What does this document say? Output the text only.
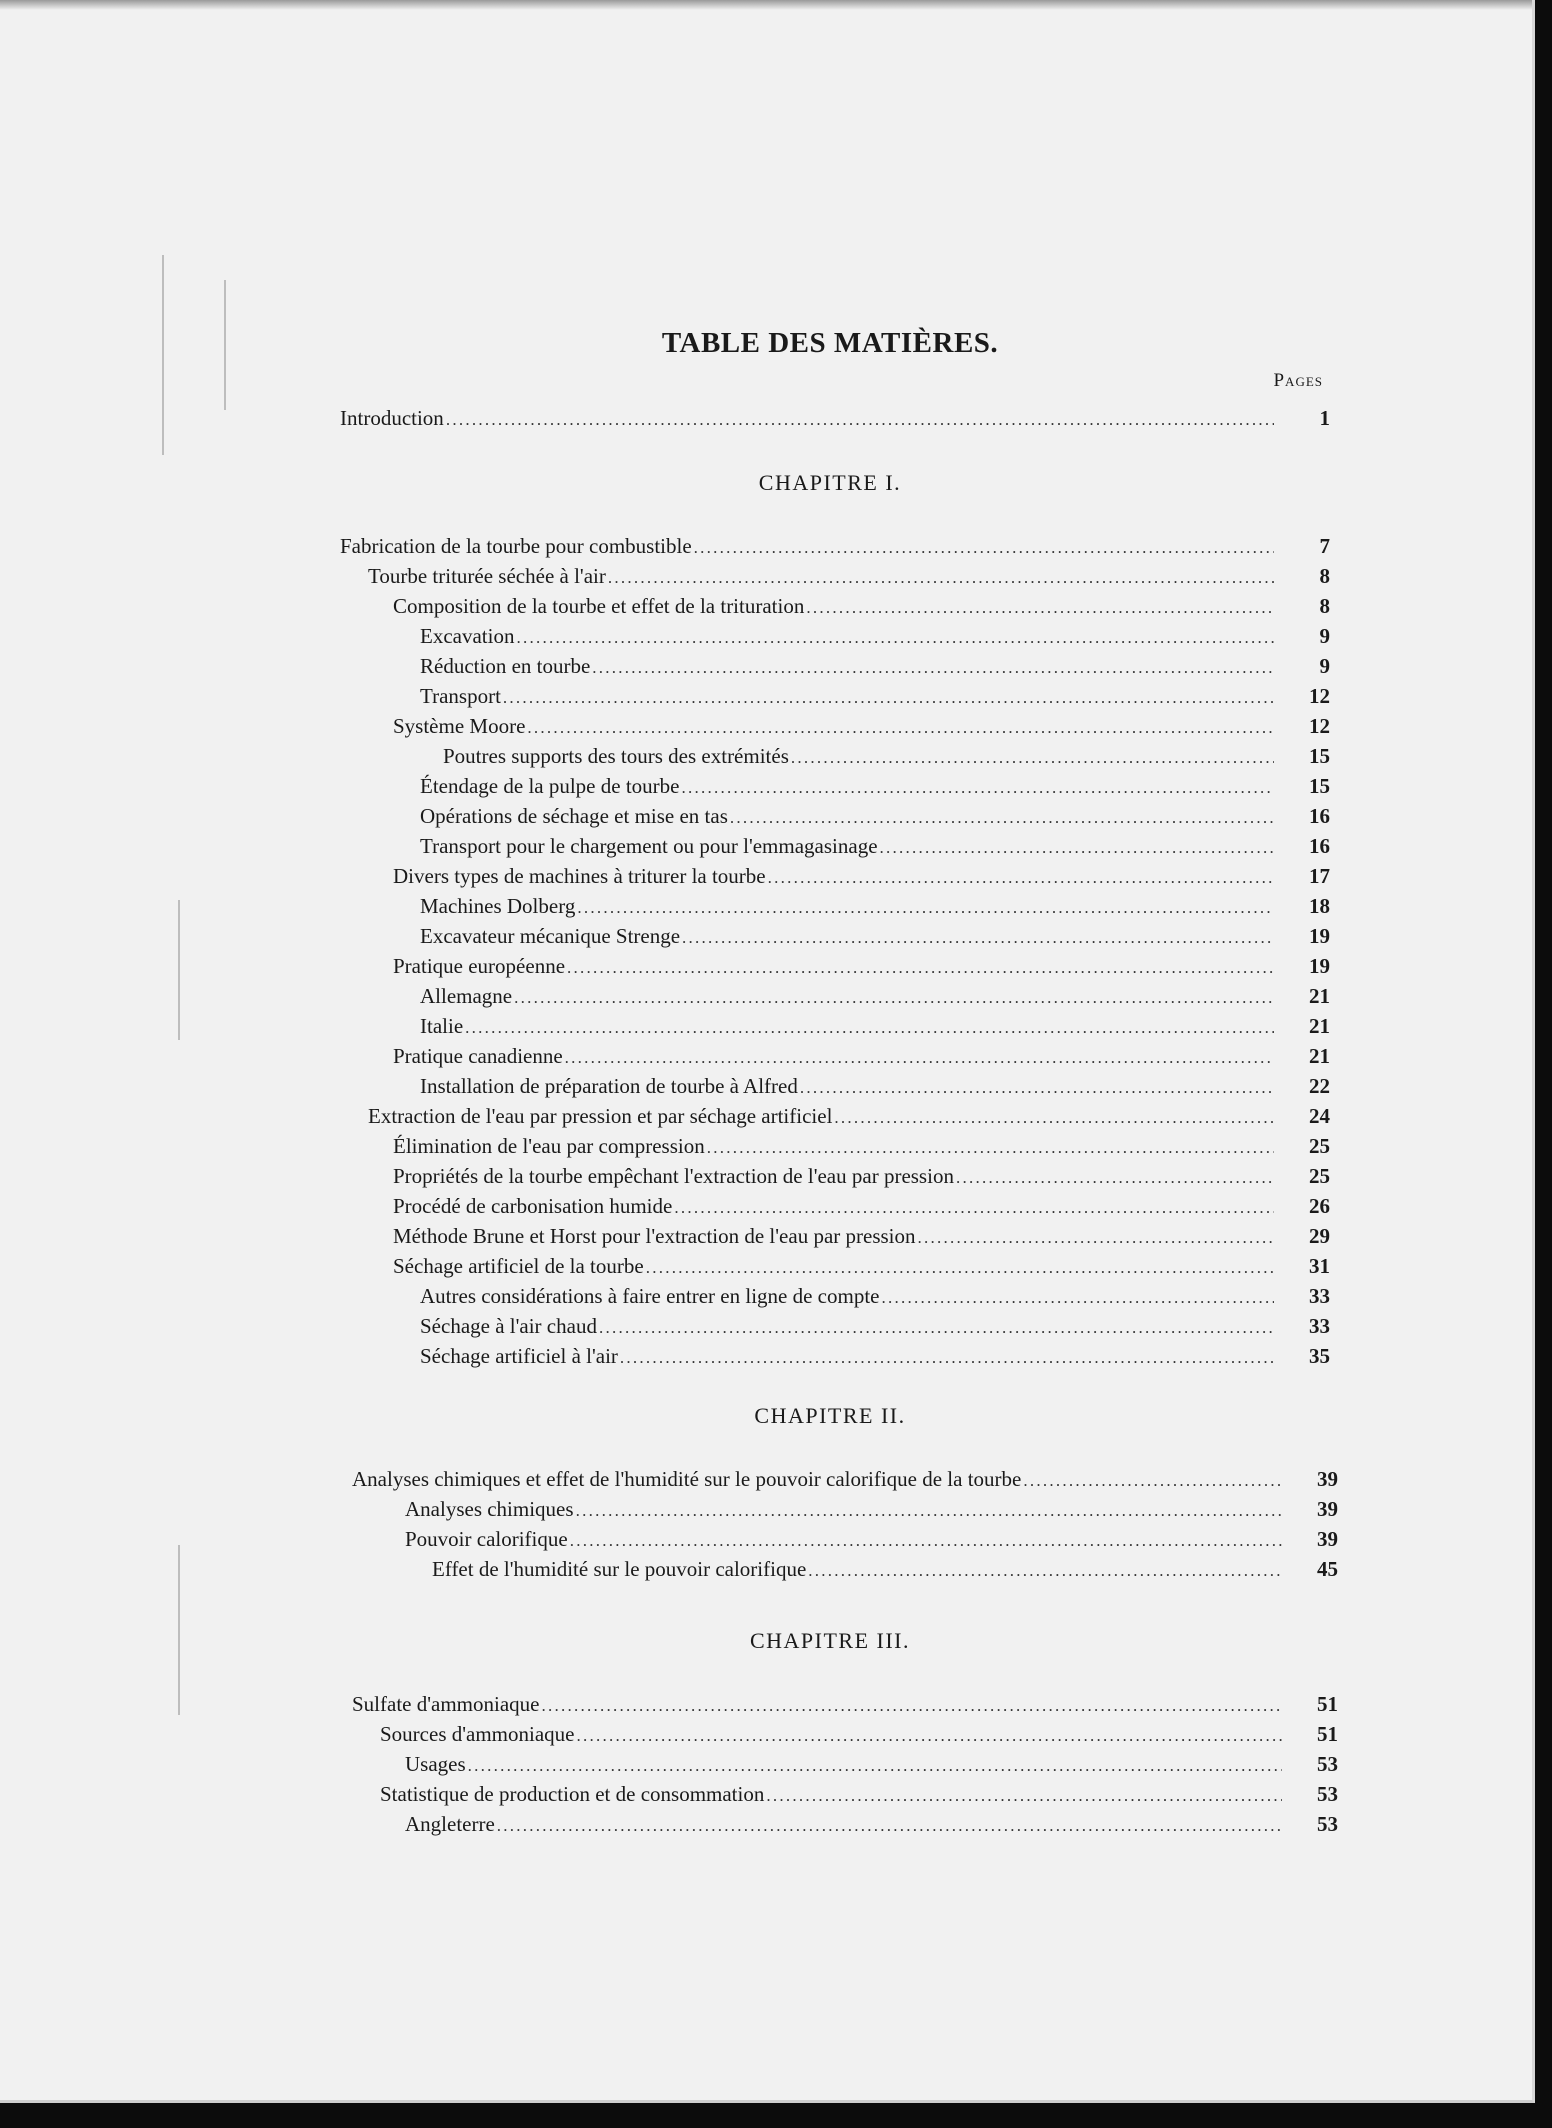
TABLE DES MATIÈRES.
Pages
Introduction . . .	1
CHAPITRE I.
Fabrication de la tourbe pour combustible . . .	7
Tourbe triturée séchée à l'air . . .	8
Composition de la tourbe et effet de la trituration . . .	8
Excavation . . .	9
Réduction en tourbe . . .	9
Transport . . .	12
Système Moore . . .	12
Poutres supports des tours des extrémités . . .	15
Étendage de la pulpe de tourbe . . .	15
Opérations de séchage et mise en tas . . .	16
Transport pour le chargement ou pour l'emmagasinage . . .	16
Divers types de machines à triturer la tourbe . . .	17
Machines Dolberg . . .	18
Excavateur mécanique Strenge . . .	19
Pratique européenne . . .	19
Allemagne . . .	21
Italie . . .	21
Pratique canadienne . . .	21
Installation de préparation de tourbe à Alfred . . .	22
Extraction de l'eau par pression et par séchage artificiel . . .	24
Élimination de l'eau par compression . . .	25
Propriétés de la tourbe empêchant l'extraction de l'eau par pression . . .	25
Procédé de carbonisation humide . . .	26
Méthode Brune et Horst pour l'extraction de l'eau par pression . . .	29
Séchage artificiel de la tourbe . . .	31
Autres considérations à faire entrer en ligne de compte . . .	33
Séchage à l'air chaud . . .	33
Séchage artificiel à l'air . . .	35
CHAPITRE II.
Analyses chimiques et effet de l'humidité sur le pouvoir calorifique de la tourbe . . .	39
Analyses chimiques . . .	39
Pouvoir calorifique . . .	39
Effet de l'humidité sur le pouvoir calorifique . . .	45
CHAPITRE III.
Sulfate d'ammoniaque . . .	51
Sources d'ammoniaque . . .	51
Usages . . .	53
Statistique de production et de consommation . . .	53
Angleterre . . .	53
